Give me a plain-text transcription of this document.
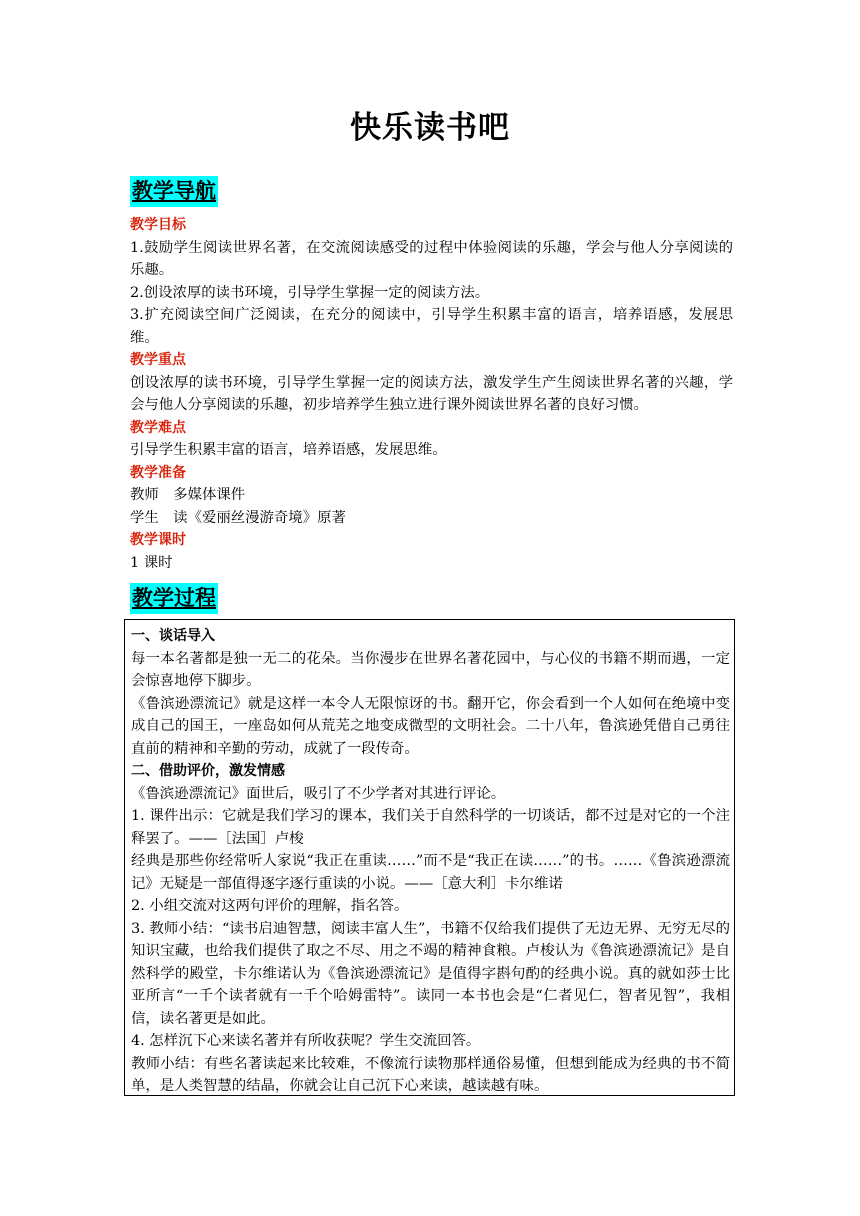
快乐读书吧
教学导航
教学目标
1.鼓励学生阅读世界名著，在交流阅读感受的过程中体验阅读的乐趣，学会与他人分享阅读的乐趣。
2.创设浓厚的读书环境，引导学生掌握一定的阅读方法。
3.扩充阅读空间广泛阅读，在充分的阅读中，引导学生积累丰富的语言，培养语感，发展思维。
教学重点
创设浓厚的读书环境，引导学生掌握一定的阅读方法，激发学生产生阅读世界名著的兴趣，学会与他人分享阅读的乐趣，初步培养学生独立进行课外阅读世界名著的良好习惯。
教学难点
引导学生积累丰富的语言，培养语感，发展思维。
教学准备
教师　多媒体课件
学生　读《爱丽丝漫游奇境》原著
教学课时
1 课时
教学过程
一、谈话导入
每一本名著都是独一无二的花朵。当你漫步在世界名著花园中，与心仪的书籍不期而遇，一定会惊喜地停下脚步。
《鲁滨逊漂流记》就是这样一本令人无限惊讶的书。翻开它，你会看到一个人如何在绝境中变成自己的国王，一座岛如何从荒芜之地变成微型的文明社会。二十八年，鲁滨逊凭借自己勇往直前的精神和辛勤的劳动，成就了一段传奇。
二、借助评价，激发情感
《鲁滨逊漂流记》面世后，吸引了不少学者对其进行评论。
1. 课件出示：它就是我们学习的课本，我们关于自然科学的一切谈话，都不过是对它的一个注释罢了。——［法国］卢梭
经典是那些你经常听人家说“我正在重读……”而不是“我正在读……”的书。……《鲁滨逊漂流记》无疑是一部值得逐字逐行重读的小说。——［意大利］卡尔维诺
2. 小组交流对这两句评价的理解，指名答。
3. 教师小结：“读书启迪智慧，阅读丰富人生”，书籍不仅给我们提供了无边无界、无穷无尽的知识宝藏，也给我们提供了取之不尽、用之不竭的精神食粮。卢梭认为《鲁滨逊漂流记》是自然科学的殿堂，卡尔维诺认为《鲁滨逊漂流记》是值得字斟句酌的经典小说。真的就如莎士比亚所言“一千个读者就有一千个哈姆雷特”。读同一本书也会是“仁者见仁，智者见智”，我相信，读名著更是如此。
4. 怎样沉下心来读名著并有所收获呢？学生交流回答。
教师小结：有些名著读起来比较难，不像流行读物那样通俗易懂，但想到能成为经典的书不简单，是人类智慧的结晶，你就会让自己沉下心来读，越读越有味。
